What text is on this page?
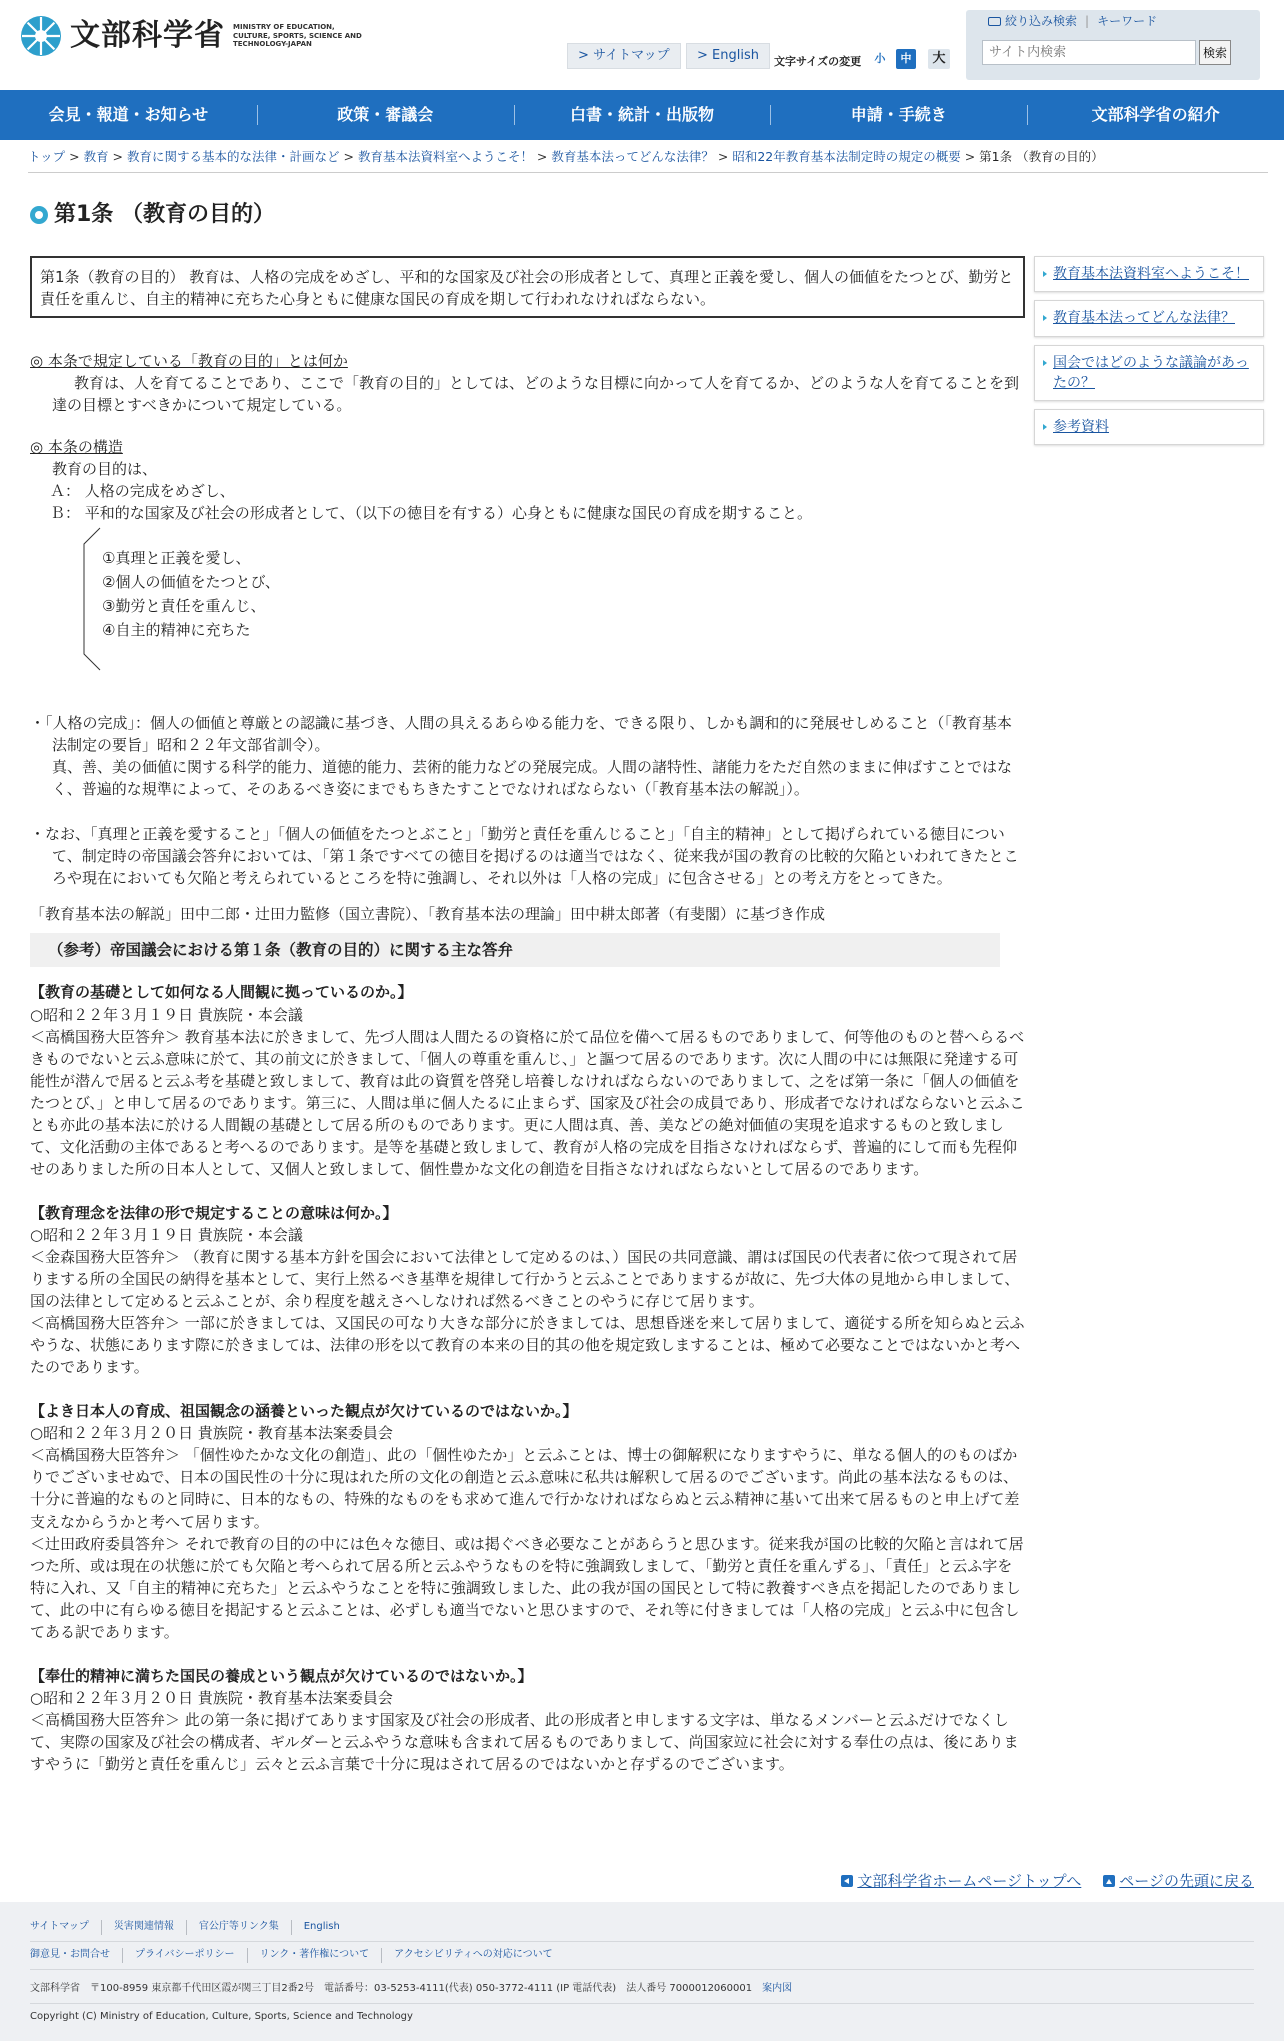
文部科学省 MINISTRY OF EDUCATION, CULTURE, SPORTS, SCIENCE AND TECHNOLOGY-JAPAN
> サイトマップ	> English	文字サイズの変更	小	中	大
絞り込み検索 | キーワード
サイト内検索
検索
会見・報道・お知らせ	政策・審議会	白書・統計・出版物	申請・手続き	文部科学省の紹介
トップ > 教育 > 教育に関する基本的な法律・計画など > 教育基本法資料室へようこそ！ > 教育基本法ってどんな法律？ > 昭和22年教育基本法制定時の規定の概要 > 第1条 （教育の目的）
第1条 （教育の目的）
第1条（教育の目的） 教育は、人格の完成をめざし、平和的な国家及び社会の形成者として、真理と正義を愛し、個人の価値をたつとび、勤労と責任を重んじ、自主的精神に充ちた心身ともに健康な国民の育成を期して行われなければならない。
◎ 本条で規定している「教育の目的」とは何か
教育は、人を育てることであり、ここで「教育の目的」としては、どのような目標に向かって人を育てるか、どのような人を育てることを到達の目標とすべきかについて規定している。
◎ 本条の構造
教育の目的は、
Ａ： 人格の完成をめざし、
Ｂ： 平和的な国家及び社会の形成者として、（以下の徳目を有する）心身ともに健康な国民の育成を期すること。
①真理と正義を愛し、
②個人の価値をたつとび、
③勤労と責任を重んじ、
④自主的精神に充ちた
・「人格の完成」：個人の価値と尊厳との認識に基づき、人間の具えるあらゆる能力を、できる限り、しかも調和的に発展せしめること（「教育基本法制定の要旨」昭和２２年文部省訓令）。
真、善、美の価値に関する科学的能力、道徳的能力、芸術的能力などの発展完成。人間の諸特性、諸能力をただ自然のままに伸ばすことではなく、普遍的な規準によって、そのあるべき姿にまでもちきたすことでなければならない（「教育基本法の解説」）。
・なお、「真理と正義を愛すること」「個人の価値をたつとぶこと」「勤労と責任を重んじること」「自主的精神」として掲げられている徳目について、制定時の帝国議会答弁においては、「第１条ですべての徳目を掲げるのは適当ではなく、従来我が国の教育の比較的欠陥といわれてきたところや現在においても欠陥と考えられているところを特に強調し、それ以外は「人格の完成」に包含させる」との考え方をとってきた。
「教育基本法の解説」田中二郎・辻田力監修（国立書院）、「教育基本法の理論」田中耕太郎著（有斐閣）に基づき作成
（参考）帝国議会における第１条（教育の目的）に関する主な答弁
【教育の基礎として如何なる人間観に拠っているのか。】
○昭和２２年３月１９日 貴族院・本会議
＜高橋国務大臣答弁＞ 教育基本法に於きまして、先づ人間は人間たるの資格に於て品位を備へて居るものでありまして、何等他のものと替へらるべきものでないと云ふ意味に於て、其の前文に於きまして、「個人の尊重を重んじ、」と謳つて居るのであります。次に人間の中には無限に発達する可能性が潜んで居ると云ふ考を基礎と致しまして、教育は此の資質を啓発し培養しなければならないのでありまして、之をば第一条に「個人の価値をたつとび、」と申して居るのであります。第三に、人間は単に個人たるに止まらず、国家及び社会の成員であり、形成者でなければならないと云ふことも亦此の基本法に於ける人間観の基礎として居る所のものであります。更に人間は真、善、美などの絶対価値の実現を追求するものと致しまして、文化活動の主体であると考へるのであります。是等を基礎と致しまして、教育が人格の完成を目指さなければならず、普遍的にして而も先程仰せのありました所の日本人として、又個人と致しまして、個性豊かな文化の創造を目指さなければならないとして居るのであります。
【教育理念を法律の形で規定することの意味は何か。】
○昭和２２年３月１９日 貴族院・本会議
＜金森国務大臣答弁＞ （教育に関する基本方針を国会において法律として定めるのは、）国民の共同意識、謂はば国民の代表者に依つて現されて居りまする所の全国民の納得を基本として、実行上然るべき基準を規律して行かうと云ふことでありまするが故に、先づ大体の見地から申しまして、国の法律として定めると云ふことが、余り程度を越えさへしなければ然るべきことのやうに存じて居ります。
＜高橋国務大臣答弁＞ 一部に於きましては、又国民の可なり大きな部分に於きましては、思想昏迷を来して居りまして、適従する所を知らぬと云ふやうな、状態にあります際に於きましては、法律の形を以て教育の本来の目的其の他を規定致しますることは、極めて必要なことではないかと考へたのであります。
【よき日本人の育成、祖国観念の涵養といった観点が欠けているのではないか。】
○昭和２２年３月２０日 貴族院・教育基本法案委員会
＜高橋国務大臣答弁＞ 「個性ゆたかな文化の創造」、此の「個性ゆたか」と云ふことは、博士の御解釈になりますやうに、単なる個人的のものばかりでございませぬで、日本の国民性の十分に現はれた所の文化の創造と云ふ意味に私共は解釈して居るのでございます。尚此の基本法なるものは、十分に普遍的なものと同時に、日本的なもの、特殊的なものをも求めて進んで行かなければならぬと云ふ精神に基いて出来て居るものと申上げて差支えなからうかと考へて居ります。
＜辻田政府委員答弁＞ それで教育の目的の中には色々な徳目、或は掲ぐべき必要なことがあらうと思ひます。従来我が国の比較的欠陥と言はれて居つた所、或は現在の状態に於ても欠陥と考へられて居る所と云ふやうなものを特に強調致しまして、「勤労と責任を重んずる」、「責任」と云ふ字を特に入れ、又「自主的精神に充ちた」と云ふやうなことを特に強調致しました、此の我が国の国民として特に教養すべき点を掲記したのでありまして、此の中に有らゆる徳目を掲記すると云ふことは、必ずしも適当でないと思ひますので、それ等に付きましては「人格の完成」と云ふ中に包含してある訳であります。
【奉仕的精神に満ちた国民の養成という観点が欠けているのではないか。】
○昭和２２年３月２０日 貴族院・教育基本法案委員会
＜高橋国務大臣答弁＞ 此の第一条に掲げてあります国家及び社会の形成者、此の形成者と申しまする文字は、単なるメンバーと云ふだけでなくして、実際の国家及び社会の構成者、ギルダーと云ふやうな意味も含まれて居るものでありまして、尚国家竝に社会に対する奉仕の点は、後にありますやうに「勤労と責任を重んじ」云々と云ふ言葉で十分に現はされて居るのではないかと存ずるのでございます。
教育基本法資料室へようこそ！
教育基本法ってどんな法律？
国会ではどのような議論があったの？
参考資料
文部科学省ホームページトップへ	ページの先頭に戻る
サイトマップ	災害関連情報	官公庁等リンク集	English
御意見・お問合せ	プライバシーポリシー	リンク・著作権について	アクセシビリティへの対応について
文部科学省　〒100-8959 東京都千代田区霞が関三丁目2番2号　電話番号：03-5253-4111(代表) 050-3772-4111 (IP 電話代表)　法人番号 7000012060001 案内図
Copyright (C) Ministry of Education, Culture, Sports, Science and Technology
